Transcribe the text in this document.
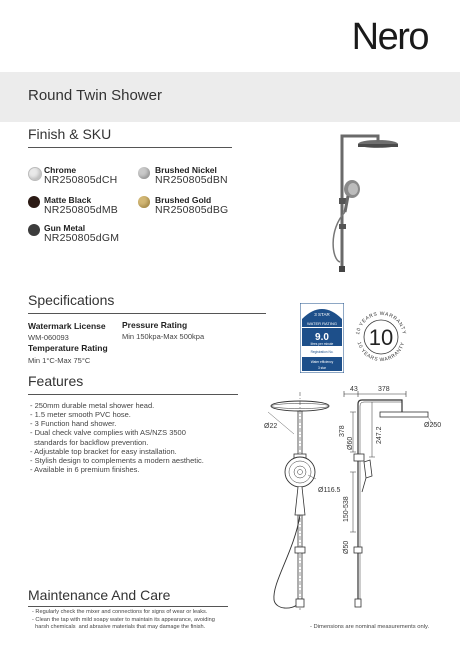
Nero
Round Twin Shower
Finish & SKU
Chrome
NR250805dCH
Brushed Nickel
NR250805dBN
Matte Black
NR250805dMB
Brushed Gold
NR250805dBG
Gun Metal
NR250805dGM
Specifications
Watermark License
WM-060093
Temperature Rating
Min 1°C-Max 75°C
Pressure Rating
Min 150kpa-Max 500kpa
3 STAR
WATER RATING
9.0
litres per minute
Registration No.
Water efficiency
3 star
10 YEARS WARRANTY
10 YEARS WARRANTY
10
Features
- 250mm durable metal shower head.
- 1.5 meter smooth PVC hose.
- 3 Function hand shower.
- Dual check valve complies with AS/NZS 3500
standards for backflow prevention.
- Adjustable top bracket for easy installation.
- Stylish design to complements a modern aesthetic.
- Available in 6 premium finishes.
43	378
Ø22	Ø250
Ø60
378	247.2
Ø116.5
150-538
Ø50
Maintenance And Care
- Regularly check the mixer and connections for signs of wear or leaks.
- Clean the tap with mild soapy water to maintain its appearance, avoiding
harsh chemicals  and abrasive materials that may damage the finish.	- Dimensions are nominal measurements only.
